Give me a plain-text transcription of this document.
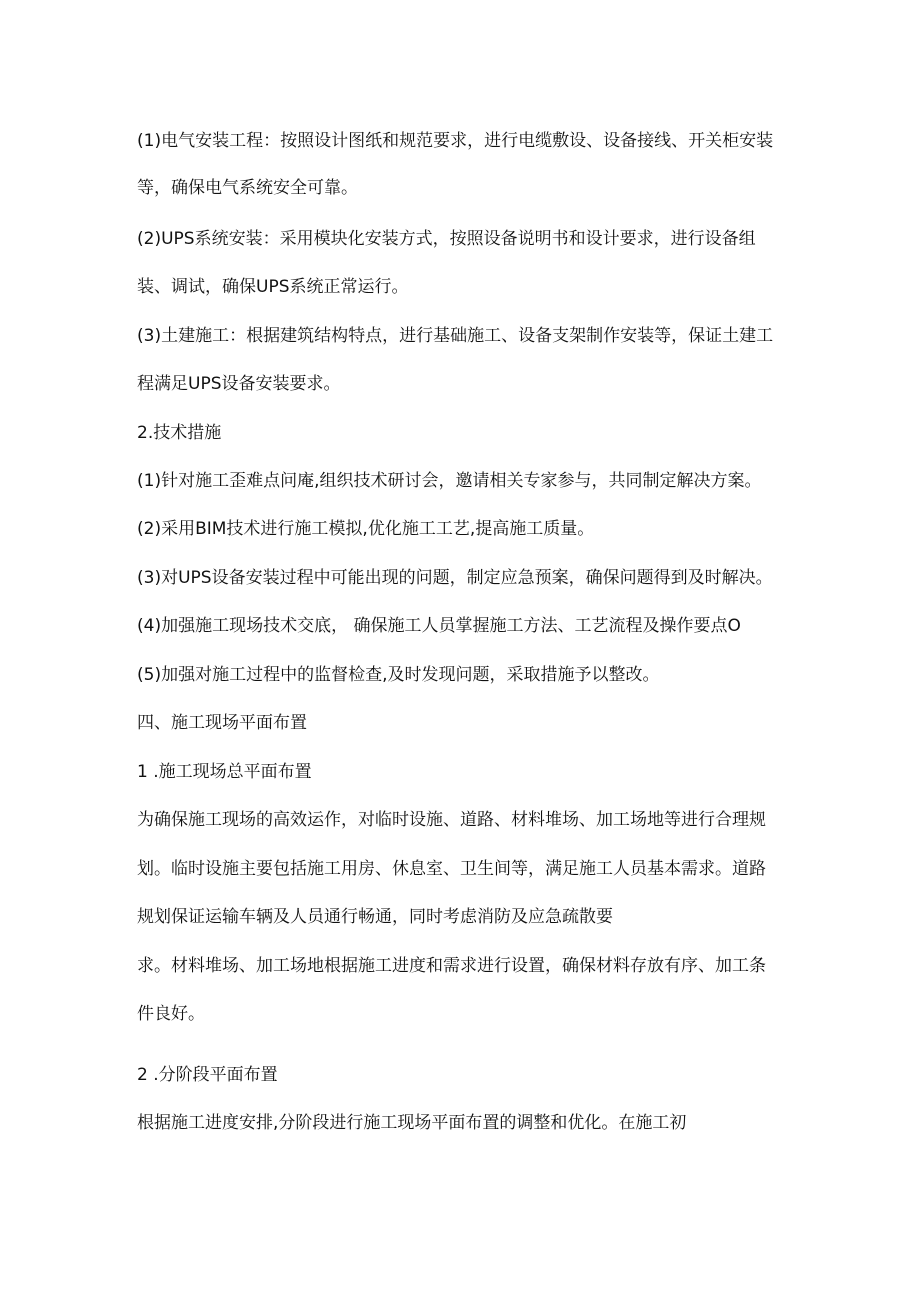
(1)电气安装工程：按照设计图纸和规范要求，进行电缆敷设、设备接线、开关柜安装
等，确保电气系统安全可靠。
(2)UPS系统安装：采用模块化安装方式，按照设备说明书和设计要求，进行设备组
装、调试，确保UPS系统正常运行。
(3)土建施工：根据建筑结构特点，进行基础施工、设备支架制作安装等，保证土建工
程满足UPS设备安装要求。
2.技术措施
(1)针对施工歪难点问庵,组织技术研讨会，邀请相关专家参与，共同制定解决方案。
(2)采用BIM技术进行施工模拟,优化施工工艺,提高施工质量。
(3)对UPS设备安装过程中可能出现的问题，制定应急预案，确保问题得到及时解决。
(4)加强施工现场技术交底， 确保施工人员掌握施工方法、工艺流程及操作要点O
(5)加强对施工过程中的监督检查,及时发现问题，采取措施予以整改。
四、施工现场平面布置
1 .施工现场总平面布置
为确保施工现场的高效运作，对临时设施、道路、材料堆场、加工场地等进行合理规
划。临时设施主要包括施工用房、休息室、卫生间等，满足施工人员基本需求。道路
规划保证运输车辆及人员通行畅通，同时考虑消防及应急疏散要
求。材料堆场、加工场地根据施工进度和需求进行设置，确保材料存放有序、加工条
件良好。
2 .分阶段平面布置
根据施工进度安排,分阶段进行施工现场平面布置的调整和优化。在施工初
